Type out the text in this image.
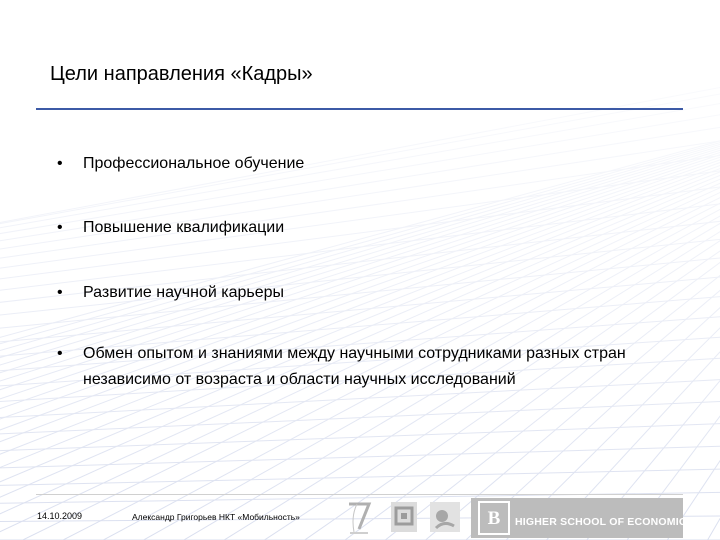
Цели направления «Кадры»
•	Профессиональное обучение
•	Повышение квалификации
•	Развитие научной карьеры
•	Обмен опытом и знаниями между научными сотрудниками разных стран независимо от возраста и области научных исследований
14.10.2009	Александр Григорьев НКТ «Мобильность»	В HIGHER SCHOOL OF ECONOMICS
